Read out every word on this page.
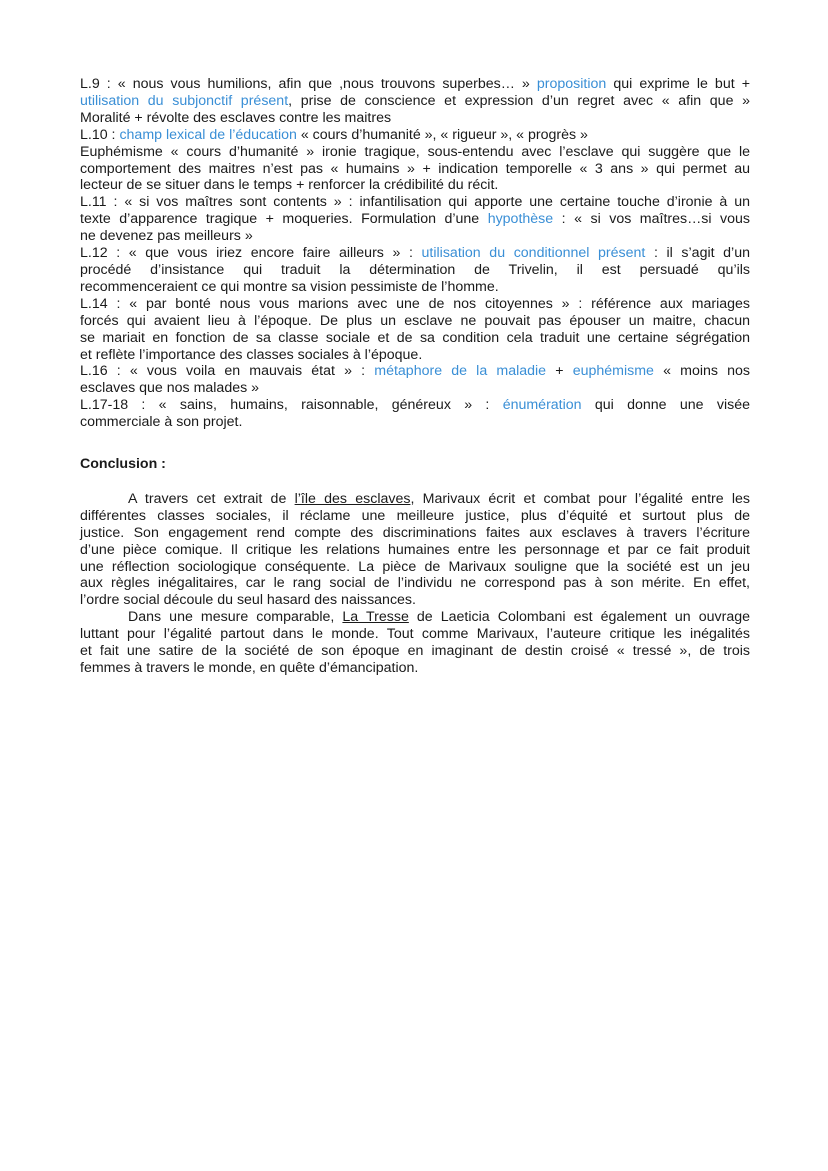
L.9 : « nous vous humilions, afin que ,nous trouvons superbes… » proposition qui exprime le but +
utilisation du subjonctif présent, prise de conscience et expression d’un regret avec « afin que »
Moralité + révolte des esclaves contre les maitres
L.10 : champ lexical de l’éducation « cours d’humanité », « rigueur », « progrès »
Euphémisme « cours d’humanité » ironie tragique, sous-entendu avec l’esclave qui suggère que le
comportement des maitres n’est pas « humains » + indication temporelle « 3 ans » qui permet au
lecteur de se situer dans le temps + renforcer la crédibilité du récit.
L.11 : « si vos maîtres sont contents » : infantilisation qui apporte une certaine touche d’ironie à un
texte d’apparence tragique + moqueries. Formulation d’une hypothèse : « si vos maîtres…si vous
ne devenez pas meilleurs »
L.12 : « que vous iriez encore faire ailleurs » : utilisation du conditionnel présent : il s’agit d’un
procédé d’insistance qui traduit la détermination de Trivelin, il est persuadé qu’ils
recommenceraient ce qui montre sa vision pessimiste de l’homme.
L.14 : « par bonté nous vous marions avec une de nos citoyennes » : référence aux mariages
forcés qui avaient lieu à l’époque. De plus un esclave ne pouvait pas épouser un maitre, chacun
se mariait en fonction de sa classe sociale et de sa condition cela traduit une certaine ségrégation
et reflète l’importance des classes sociales à l’époque.
L.16 : « vous voila en mauvais état » : métaphore de la maladie + euphémisme « moins nos
esclaves que nos malades »
L.17-18 : « sains, humains, raisonnable, généreux » : énumération qui donne une visée
commerciale à son projet.
Conclusion :
A travers cet extrait de l’île des esclaves, Marivaux écrit et combat pour l’égalité entre les
différentes classes sociales, il réclame une meilleure justice, plus d’équité et surtout plus de
justice. Son engagement rend compte des discriminations faites aux esclaves à travers l’écriture
d’une pièce comique. Il critique les relations humaines entre les personnage et par ce fait produit
une réflection sociologique conséquente. La pièce de Marivaux souligne que la société est un jeu
aux règles inégalitaires, car le rang social de l’individu ne correspond pas à son mérite. En effet,
l’ordre social découle du seul hasard des naissances.
Dans une mesure comparable, La Tresse de Laeticia Colombani est également un ouvrage
luttant pour l’égalité partout dans le monde. Tout comme Marivaux, l’auteure critique les inégalités
et fait une satire de la société de son époque en imaginant de destin croisé « tressé », de trois
femmes à travers le monde, en quête d’émancipation.
